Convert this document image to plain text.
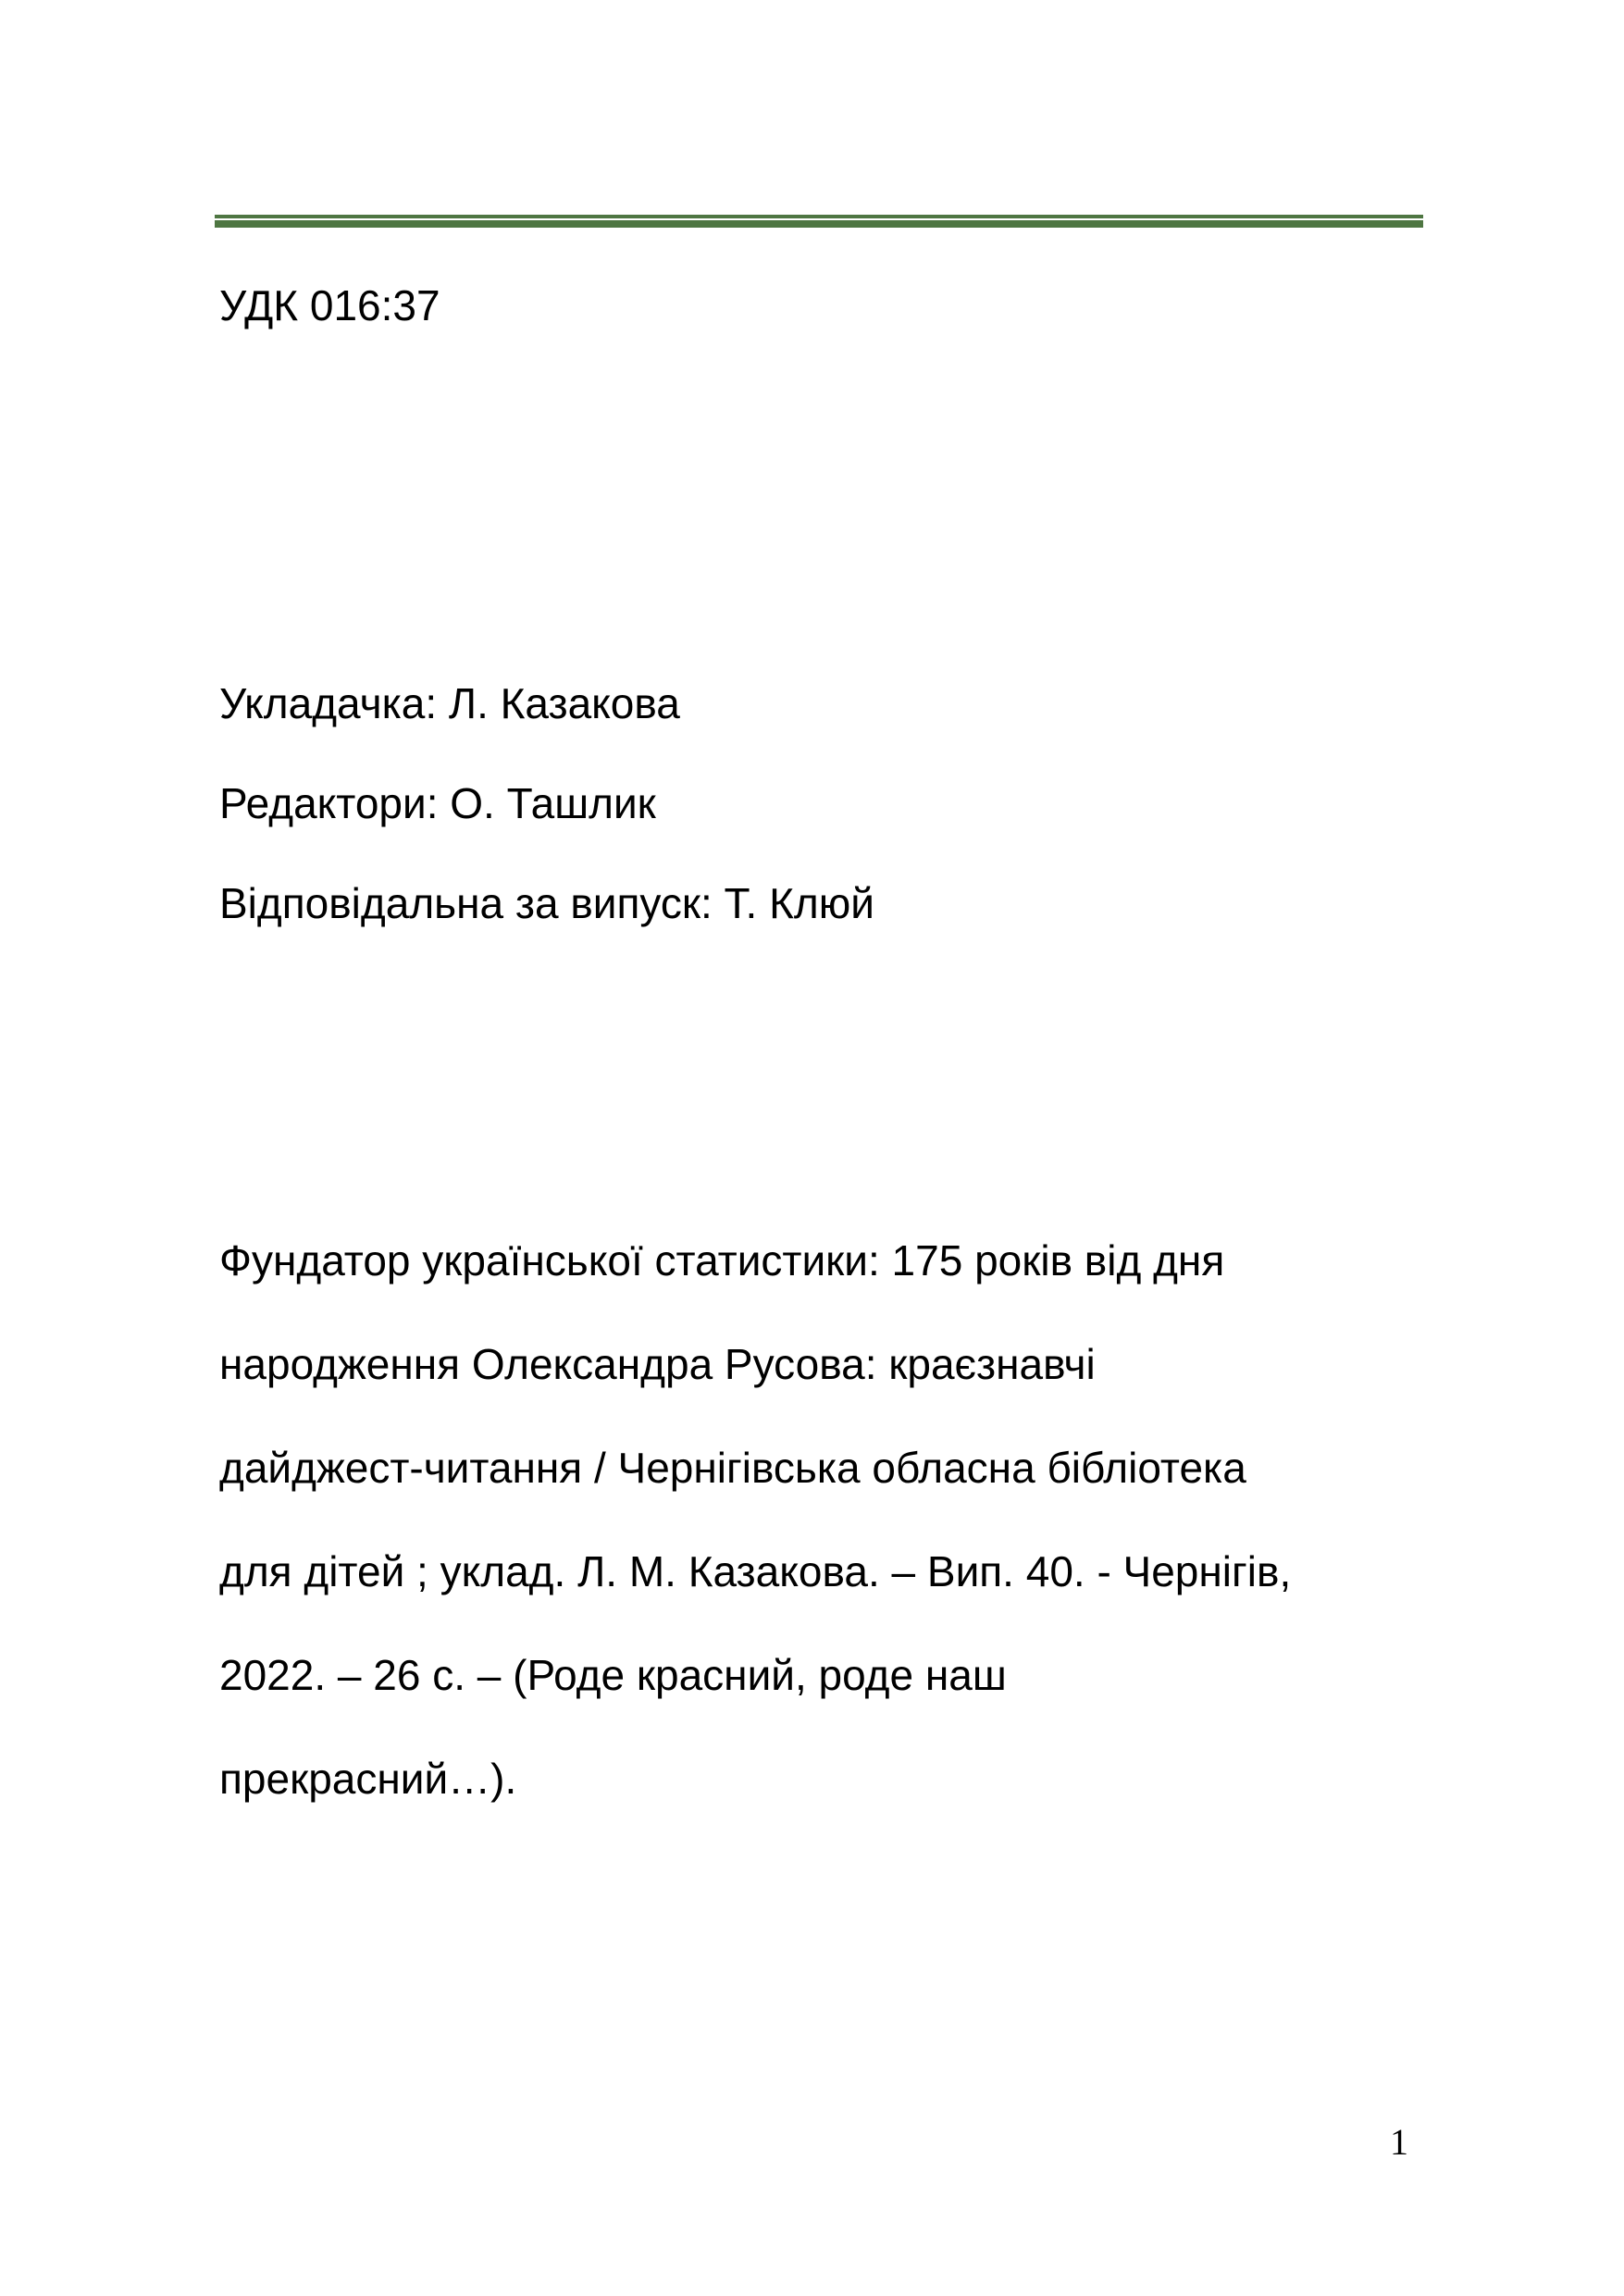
УДК 016:37
Укладачка: Л. Казакова
Редактори: О. Ташлик
Відповідальна за випуск: Т. Клюй

Фундатор української статистики: 175 років від дня

народження Олександра Русова: краєзнавчі

дайджест-читання / Чернігівська обласна бібліотека

для дітей ; уклад. Л. М. Казакова. – Вип. 40. - Чернігів,

2022. – 26 с. – (Роде красний, роде наш

прекрасний…).

1
